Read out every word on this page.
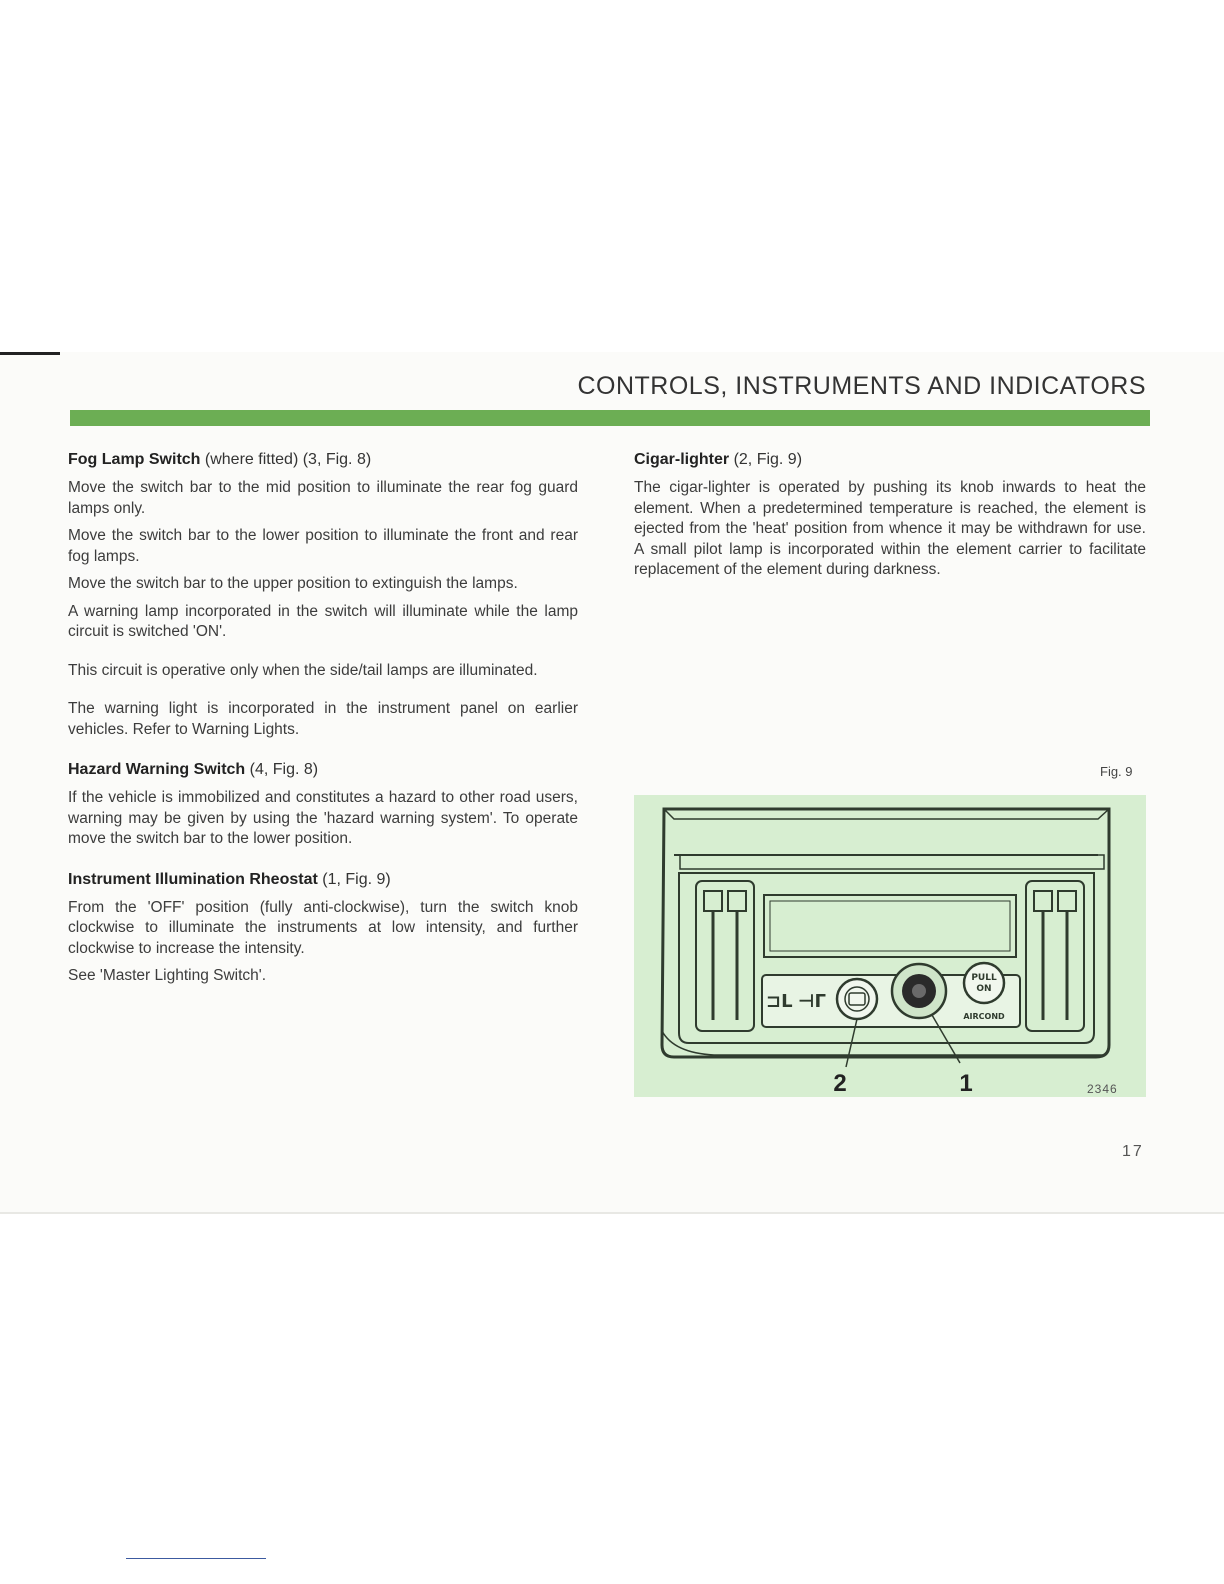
CONTROLS, INSTRUMENTS AND INDICATORS
Fog Lamp Switch (where fitted) (3, Fig. 8)

Move the switch bar to the mid position to illuminate the rear fog guard lamps only.

Move the switch bar to the lower position to illuminate the front and rear fog lamps.

Move the switch bar to the upper position to extinguish the lamps.

A warning lamp incorporated in the switch will illuminate while the lamp circuit is switched 'ON'.

This circuit is operative only when the side/tail lamps are illuminated.

The warning light is incorporated in the instrument panel on earlier vehicles. Refer to Warning Lights.

Hazard Warning Switch (4, Fig. 8)

If the vehicle is immobilized and constitutes a hazard to other road users, warning may be given by using the 'hazard warning system'. To operate move the switch bar to the lower position.

Instrument Illumination Rheostat (1, Fig. 9)

From the 'OFF' position (fully anti-clockwise), turn the switch knob clockwise to illuminate the instruments at low intensity, and further clockwise to increase the intensity.

See 'Master Lighting Switch'.

Cigar-lighter (2, Fig. 9)

The cigar-lighter is operated by pushing its knob inwards to heat the element. When a predetermined temperature is reached, the element is ejected from the 'heat' position from whence it may be withdrawn for use. A small pilot lamp is incorporated within the element carrier to facilitate replacement of the element during darkness.

Fig. 9
⊐L ⊣Γ
PULL
ON
AIRCOND
2	1	2346
17
